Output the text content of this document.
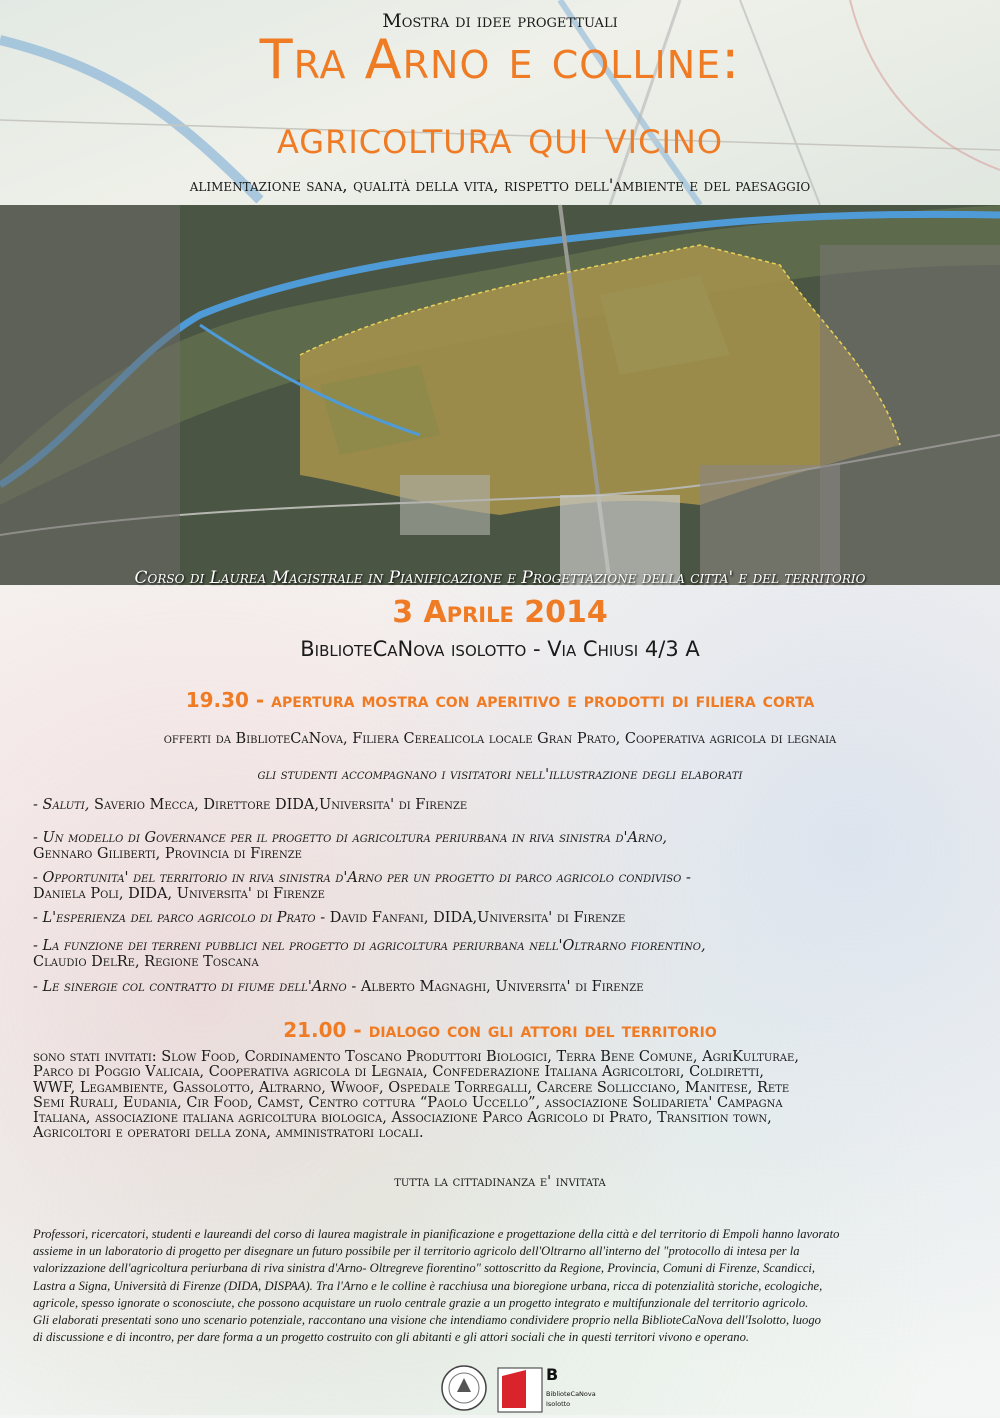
Mostra di idee progettuali
Tra Arno e colline:
agricoltura qui vicino
alimentazione sana, qualità della vita, rispetto dell'ambiente e del paesaggio
Corso di Laurea Magistrale in Pianificazione e Progettazione della citta' e del territorio
3 Aprile 2014
BiblioteCaNova isolotto - Via Chiusi 4/3 A
19.30 - apertura mostra con aperitivo e prodotti di filiera corta
offerti da BiblioteCaNova, Filiera Cerealicola locale Gran Prato, Cooperativa agricola di legnaia
gli studenti accompagnano i visitatori nell'illustrazione degli elaborati
- Saluti, Saverio Mecca, Direttore DIDA,Universita' di Firenze
- Un modello di Governance per il progetto di agricoltura periurbana in riva sinistra d'Arno,
Gennaro Giliberti, Provincia di Firenze
- Opportunita' del territorio in riva sinistra d'Arno per un progetto di parco agricolo condiviso -
Daniela Poli, DIDA, Universita' di Firenze
- L'esperienza del parco agricolo di Prato - David Fanfani, DIDA,Universita' di Firenze
- La funzione dei terreni pubblici nel progetto di agricoltura periurbana nell'Oltrarno fiorentino,
Claudio DelRe, Regione Toscana
- Le sinergie col contratto di fiume dell'Arno - Alberto Magnaghi, Universita' di Firenze
21.00 - dialogo con gli attori del territorio
sono stati invitati: Slow Food, Cordinamento Toscano Produttori Biologici, Terra Bene Comune, AgriKulturae,
Parco di Poggio Valicaia, Cooperativa agricola di Legnaia, Confederazione Italiana Agricoltori, Coldiretti,
WWF, Legambiente, Gassolotto, Altrarno, Wwoof, Ospedale Torregalli, Carcere Sollicciano, Manitese, Rete
Semi Rurali, Eudania, Cir Food, Camst, Centro cottura “Paolo Uccello”, associazione Solidarieta' Campagna
Italiana, associazione italiana agricoltura biologica, Associazione Parco Agricolo di Prato, Transition town,
Agricoltori e operatori della zona, amministratori locali.
tutta la cittadinanza e' invitata
Professori, ricercatori, studenti e laureandi del corso di laurea magistrale in pianificazione e progettazione della città e del territorio di Empoli hanno lavorato
assieme in un laboratorio di progetto per disegnare un futuro possibile per il territorio agricolo dell'Oltrarno all'interno del "protocollo di intesa per la
valorizzazione dell'agricoltura periurbana di riva sinistra d'Arno- Oltregreve fiorentino" sottoscritto da Regione, Provincia, Comuni di Firenze, Scandicci,
Lastra a Signa, Università di Firenze (DIDA, DISPAA). Tra l'Arno e le colline è racchiusa una bioregione urbana, ricca di potenzialità storiche, ecologiche,
agricole, spesso ignorate o sconosciute, che possono acquistare un ruolo centrale grazie a un progetto integrato e multifunzionale del territorio agricolo.
Gli elaborati presentati sono uno scenario potenziale, raccontano una visione che intendiamo condividere proprio nella BiblioteCaNova dell'Isolotto, luogo
di discussione e di incontro, per dare forma a un progetto costruito con gli abitanti e gli attori sociali che in questi territori vivono e operano.
B
BiblioteCaNova
Isolotto
